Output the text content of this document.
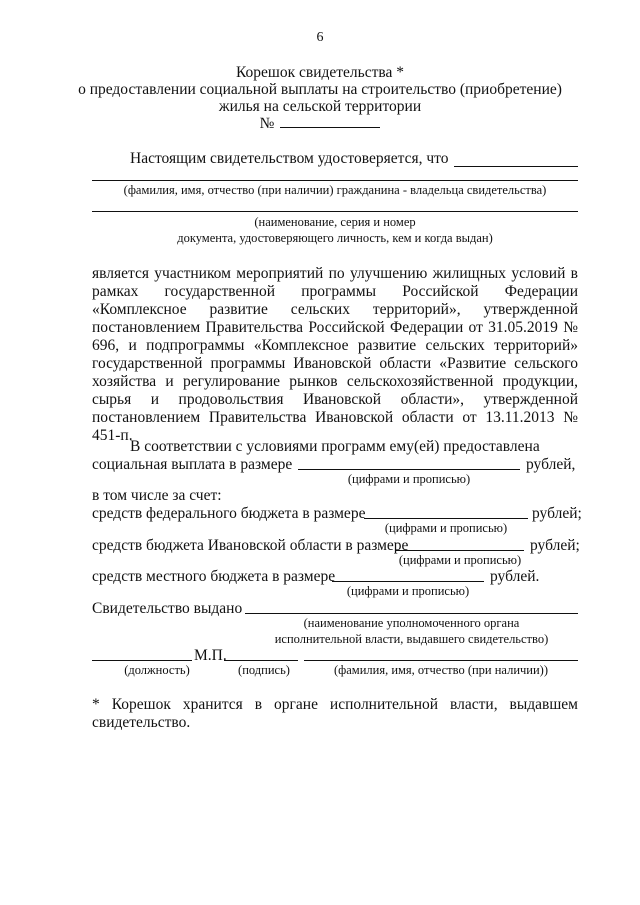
6
Корешок свидетельства *
о предоставлении социальной выплаты на строительство (приобретение)
жилья на сельской территории
№
Настоящим свидетельством удостоверяется, что
(фамилия, имя, отчество (при наличии) гражданина - владельца свидетельства)
(наименование, серия и номер
документа, удостоверяющего личность, кем и когда выдан)
является участником мероприятий по улучшению жилищных условий в рамках государственной программы Российской Федерации «Комплексное развитие сельских территорий», утвержденной постановлением Правительства Российской Федерации от 31.05.2019 № 696, и подпрограммы «Комплексное развитие сельских территорий» государственной программы Ивановской области «Развитие сельского хозяйства и регулирование рынков сельскохозяйственной продукции, сырья и продовольствия Ивановской области», утвержденной постановлением Правительства Ивановской области от 13.11.2013 № 451-п.
В соответствии с условиями программ ему(ей) предоставлена
социальная выплата в размере	рублей,
(цифрами и прописью)
в том числе за счет:
средств федерального бюджета в размере	рублей;
(цифрами и прописью)
средств бюджета Ивановской области в размере	рублей;
(цифрами и прописью)
средств местного бюджета в размере	рублей.
(цифрами и прописью)
Свидетельство выдано
(наименование уполномоченного органа
исполнительной власти, выдавшего свидетельство)
М.П.
(должность)	(подпись)	(фамилия, имя, отчество (при наличии))
* Корешок хранится в органе исполнительной власти, выдавшем свидетельство.
